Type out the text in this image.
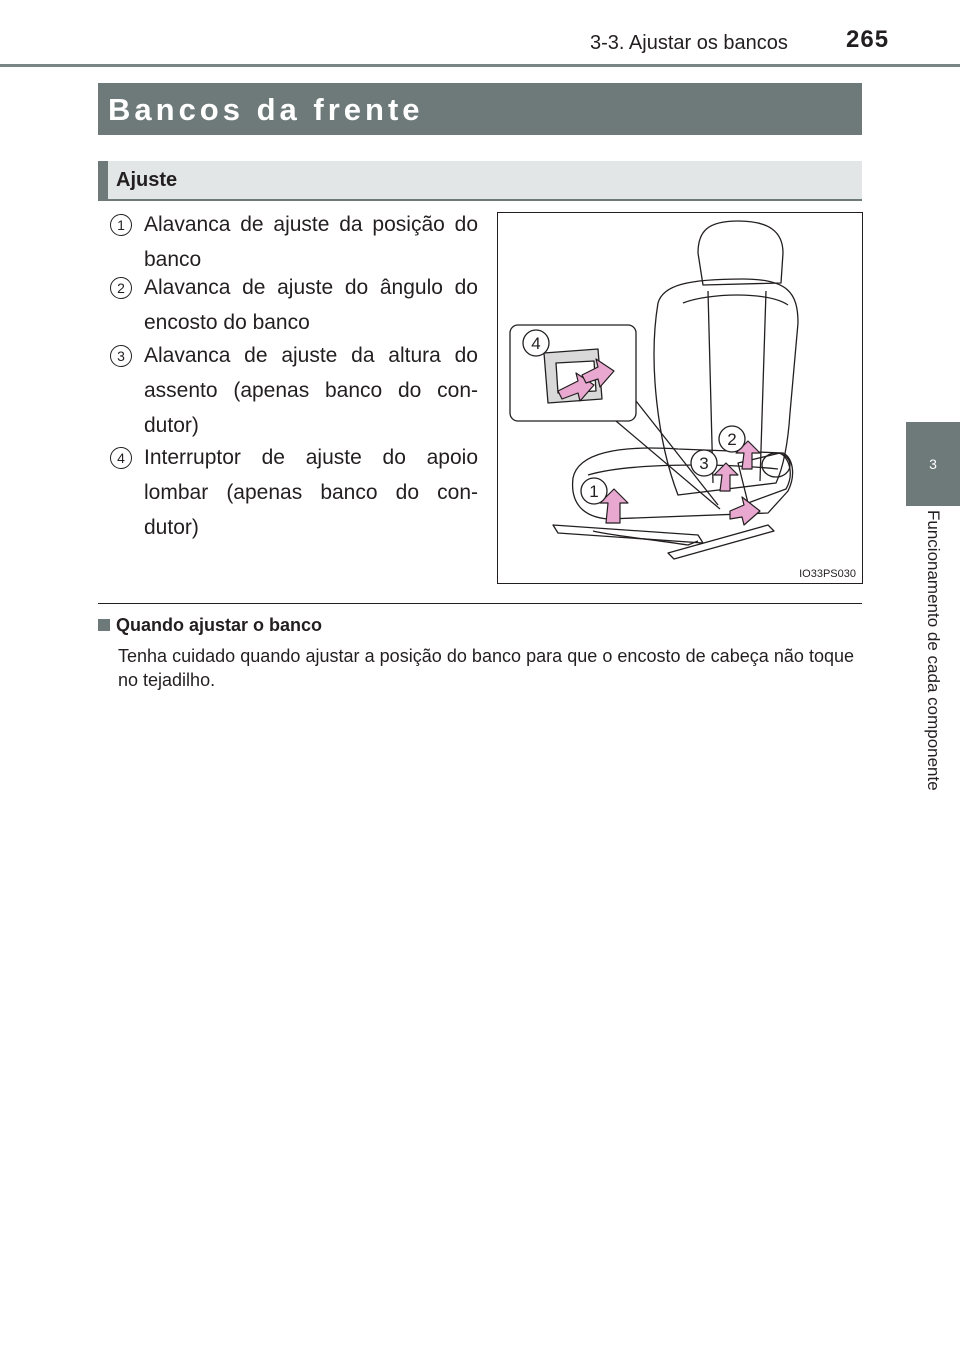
3-3. Ajustar os bancos 265
3
Funcionamento de cada componente
Bancos da frente
Ajuste
1 Alavanca de ajuste da posição do banco
2 Alavanca de ajuste do ângulo do encosto do banco
3 Alavanca de ajuste da altura do assento (apenas banco do con-dutor)
4 Interruptor de ajuste do apoio lombar (apenas banco do con-dutor)
1
2
3
4
IO33PS030
Quando ajustar o banco
Tenha cuidado quando ajustar a posição do banco para que o encosto de cabeça não toque no tejadilho.
